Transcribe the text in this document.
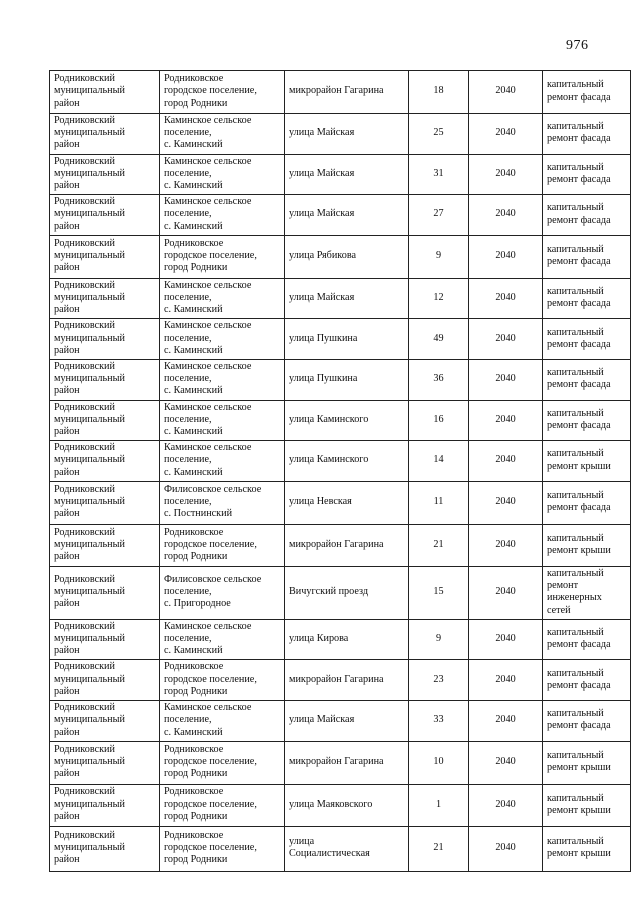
976
Родниковский
муниципальный
район	Родниковское
городское поселение,
город Родники	микрорайон Гагарина	18	2040	капитальный
ремонт фасада
Родниковский
муниципальный
район	Каминское сельское
поселение,
с. Каминский	улица Майская	25	2040	капитальный
ремонт фасада
Родниковский
муниципальный
район	Каминское сельское
поселение,
с. Каминский	улица Майская	31	2040	капитальный
ремонт фасада
Родниковский
муниципальный
район	Каминское сельское
поселение,
с. Каминский	улица Майская	27	2040	капитальный
ремонт фасада
Родниковский
муниципальный
район	Родниковское
городское поселение,
город Родники	улица Рябикова	9	2040	капитальный
ремонт фасада
Родниковский
муниципальный
район	Каминское сельское
поселение,
с. Каминский	улица Майская	12	2040	капитальный
ремонт фасада
Родниковский
муниципальный
район	Каминское сельское
поселение,
с. Каминский	улица Пушкина	49	2040	капитальный
ремонт фасада
Родниковский
муниципальный
район	Каминское сельское
поселение,
с. Каминский	улица Пушкина	36	2040	капитальный
ремонт фасада
Родниковский
муниципальный
район	Каминское сельское
поселение,
с. Каминский	улица Каминского	16	2040	капитальный
ремонт фасада
Родниковский
муниципальный
район	Каминское сельское
поселение,
с. Каминский	улица Каминского	14	2040	капитальный
ремонт крыши
Родниковский
муниципальный
район	Филисовское сельское
поселение,
с. Постнинский	улица Невская	11	2040	капитальный
ремонт фасада
Родниковский
муниципальный
район	Родниковское
городское поселение,
город Родники	микрорайон Гагарина	21	2040	капитальный
ремонт крыши
Родниковский
муниципальный
район	Филисовское сельское
поселение,
с. Пригородное	Вичугский проезд	15	2040	капитальный
ремонт
инженерных
сетей
Родниковский
муниципальный
район	Каминское сельское
поселение,
с. Каминский	улица Кирова	9	2040	капитальный
ремонт фасада
Родниковский
муниципальный
район	Родниковское
городское поселение,
город Родники	микрорайон Гагарина	23	2040	капитальный
ремонт фасада
Родниковский
муниципальный
район	Каминское сельское
поселение,
с. Каминский	улица Майская	33	2040	капитальный
ремонт фасада
Родниковский
муниципальный
район	Родниковское
городское поселение,
город Родники	микрорайон Гагарина	10	2040	капитальный
ремонт крыши
Родниковский
муниципальный
район	Родниковское
городское поселение,
город Родники	улица Маяковского	1	2040	капитальный
ремонт крыши
Родниковский
муниципальный
район	Родниковское
городское поселение,
город Родники	улица
Социалистическая	21	2040	капитальный
ремонт крыши
